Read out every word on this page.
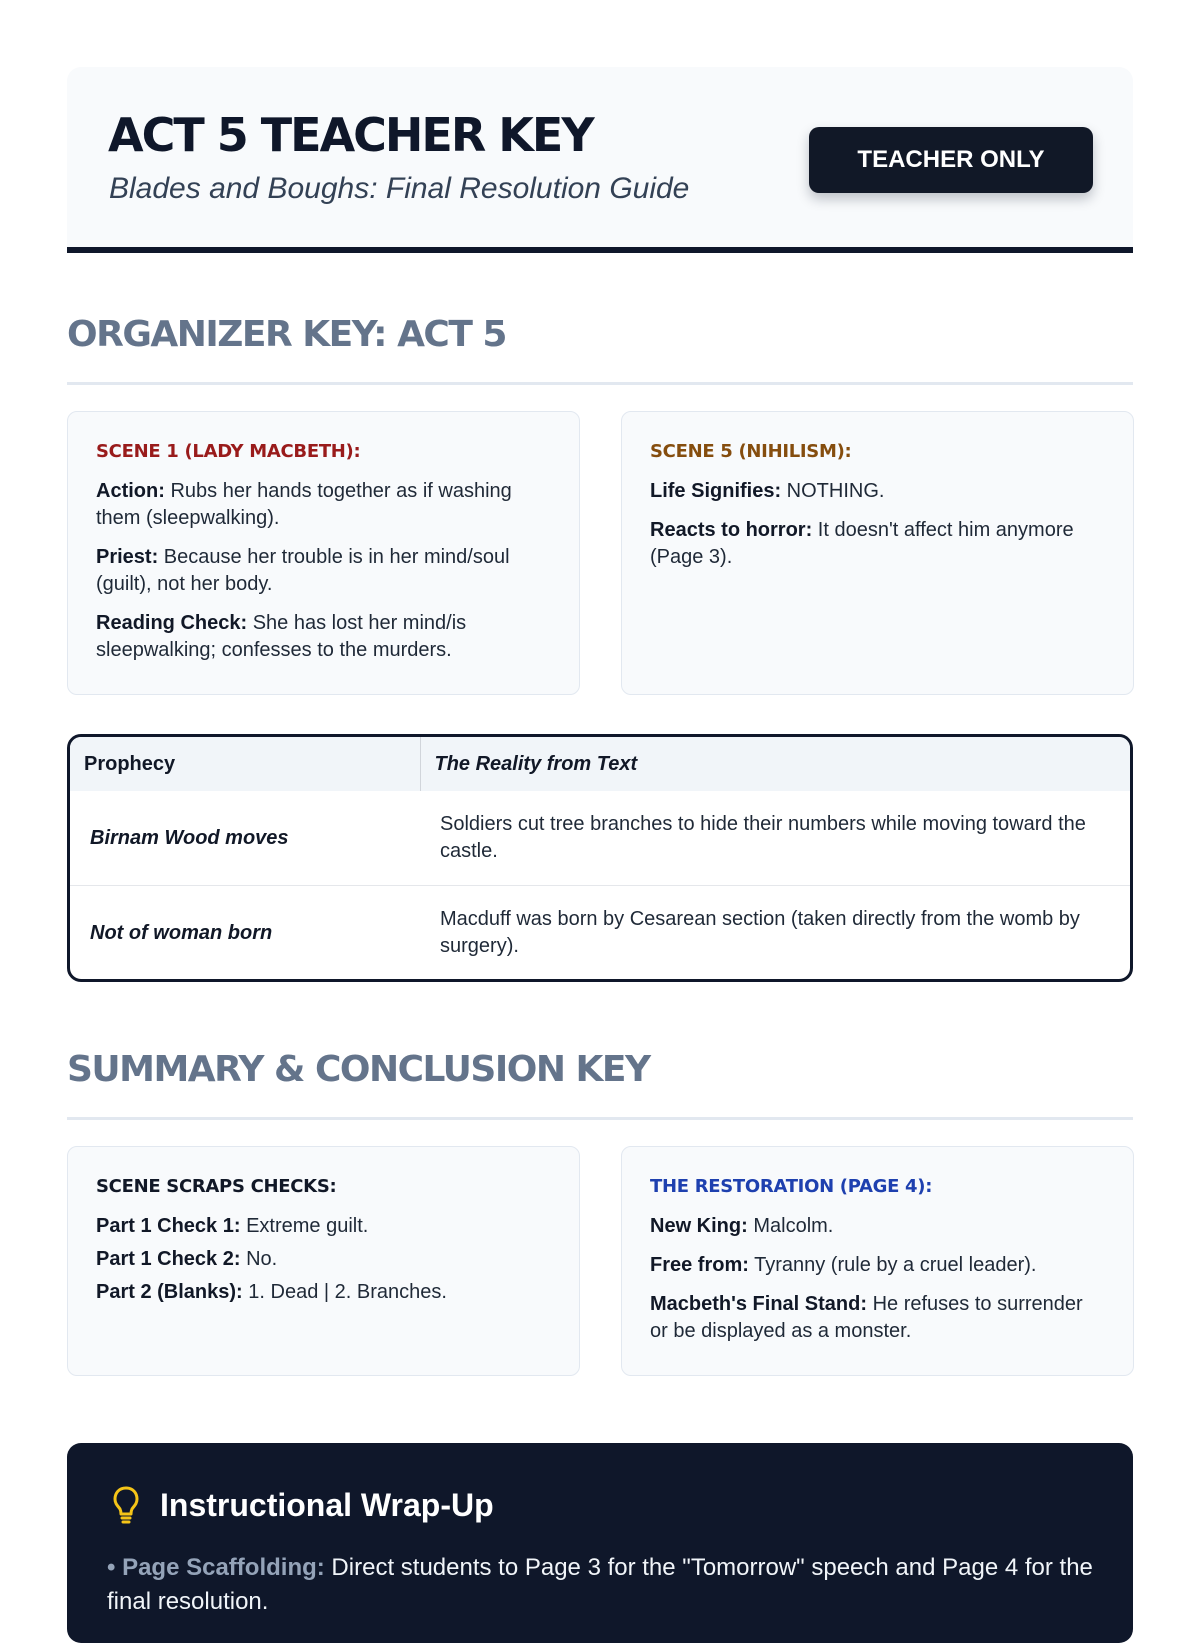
ACT 5 TEACHER KEY
Blades and Boughs: Final Resolution Guide
TEACHER ONLY
ORGANIZER KEY: ACT 5
SCENE 1 (LADY MACBETH):

Action: Rubs her hands together as if washing them (sleepwalking).

Priest: Because her trouble is in her mind/soul (guilt), not her body.

Reading Check: She has lost her mind/is sleepwalking; confesses to the murders.

SCENE 5 (NIHILISM):

Life Signifies: NOTHING.

Reacts to horror: It doesn't affect him anymore (Page 3).

Prophecy	The Reality from Text
Birnam Wood moves	Soldiers cut tree branches to hide their numbers while moving toward the castle.
Not of woman born	Macduff was born by Cesarean section (taken directly from the womb by surgery).
SUMMARY & CONCLUSION KEY
SCENE SCRAPS CHECKS:

Part 1 Check 1: Extreme guilt.

Part 1 Check 2: No.

Part 2 (Blanks): 1. Dead | 2. Branches.

THE RESTORATION (PAGE 4):

New King: Malcolm.

Free from: Tyranny (rule by a cruel leader).

Macbeth's Final Stand: He refuses to surrender or be displayed as a monster.

Instructional Wrap-Up

• Page Scaffolding: Direct students to Page 3 for the "Tomorrow" speech and Page 4 for the final resolution.
